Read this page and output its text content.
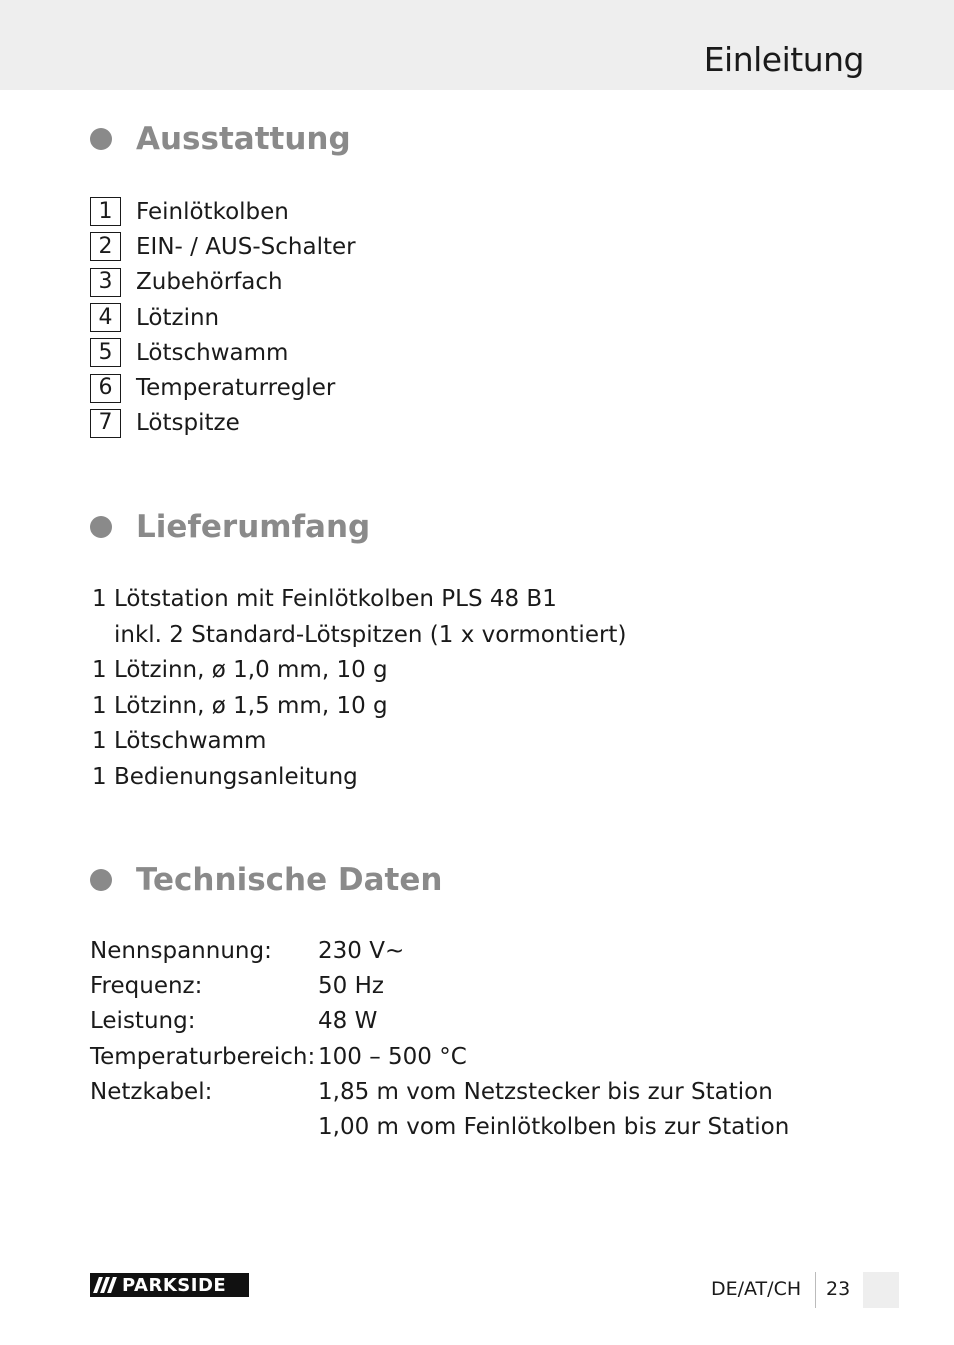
Einleitung
Ausstattung
1	Feinlötkolben
2	EIN- / AUS-Schalter
3	Zubehörfach
4	Lötzinn
5	Lötschwamm
6	Temperaturregler
7	Lötspitze
Lieferumfang
1 Lötstation mit Feinlötkolben PLS 48 B1
inkl. 2 Standard-Lötspitzen (1 x vormontiert)
1 Lötzinn, ø 1,0 mm, 10 g
1 Lötzinn, ø 1,5 mm, 10 g
1 Lötschwamm
1 Bedienungsanleitung
Technische Daten
Nennspannung:	230 V∼
Frequenz:	50 Hz
Leistung:	48 W
Temperaturbereich: 100 – 500 °C
Netzkabel:	1,85 m vom Netzstecker bis zur Station
1,00 m vom Feinlötkolben bis zur Station
PARKSIDE	DE/AT/CH 23
